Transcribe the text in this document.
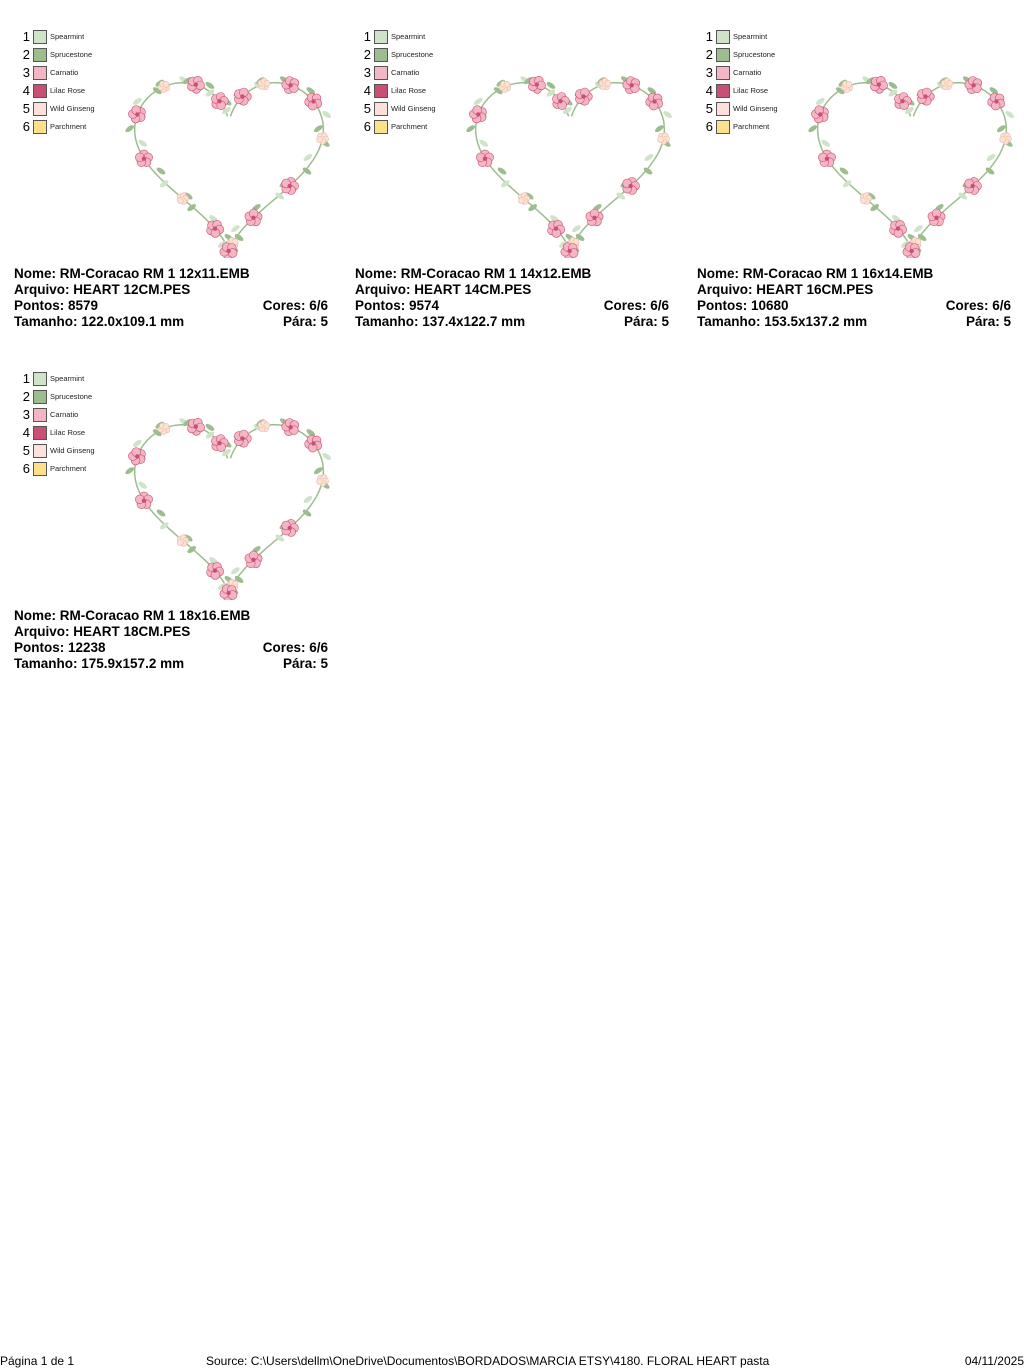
1	Spearmint
2	Sprucestone
3	Carnatio
4	Lilac Rose
5	Wild Ginseng
6	Parchment
Nome: RM-Coracao RM 1 12x11.EMB
Arquivo: HEART 12CM.PES
Pontos: 8579	Cores: 6/6
Tamanho: 122.0x109.1 mm	Pára: 5
1	Spearmint
2	Sprucestone
3	Carnatio
4	Lilac Rose
5	Wild Ginseng
6	Parchment
Nome: RM-Coracao RM 1 14x12.EMB
Arquivo: HEART 14CM.PES
Pontos: 9574	Cores: 6/6
Tamanho: 137.4x122.7 mm	Pára: 5
1	Spearmint
2	Sprucestone
3	Carnatio
4	Lilac Rose
5	Wild Ginseng
6	Parchment
Nome: RM-Coracao RM 1 16x14.EMB
Arquivo: HEART 16CM.PES
Pontos: 10680	Cores: 6/6
Tamanho: 153.5x137.2 mm	Pára: 5
1	Spearmint
2	Sprucestone
3	Carnatio
4	Lilac Rose
5	Wild Ginseng
6	Parchment
Nome: RM-Coracao RM 1 18x16.EMB
Arquivo: HEART 18CM.PES
Pontos: 12238	Cores: 6/6
Tamanho: 175.9x157.2 mm	Pára: 5
Página 1 de 1	Source: C:\Users\dellm\OneDrive\Documentos\BORDADOS\MARCIA ETSY\4180. FLORAL HEART pasta	04/11/2025
